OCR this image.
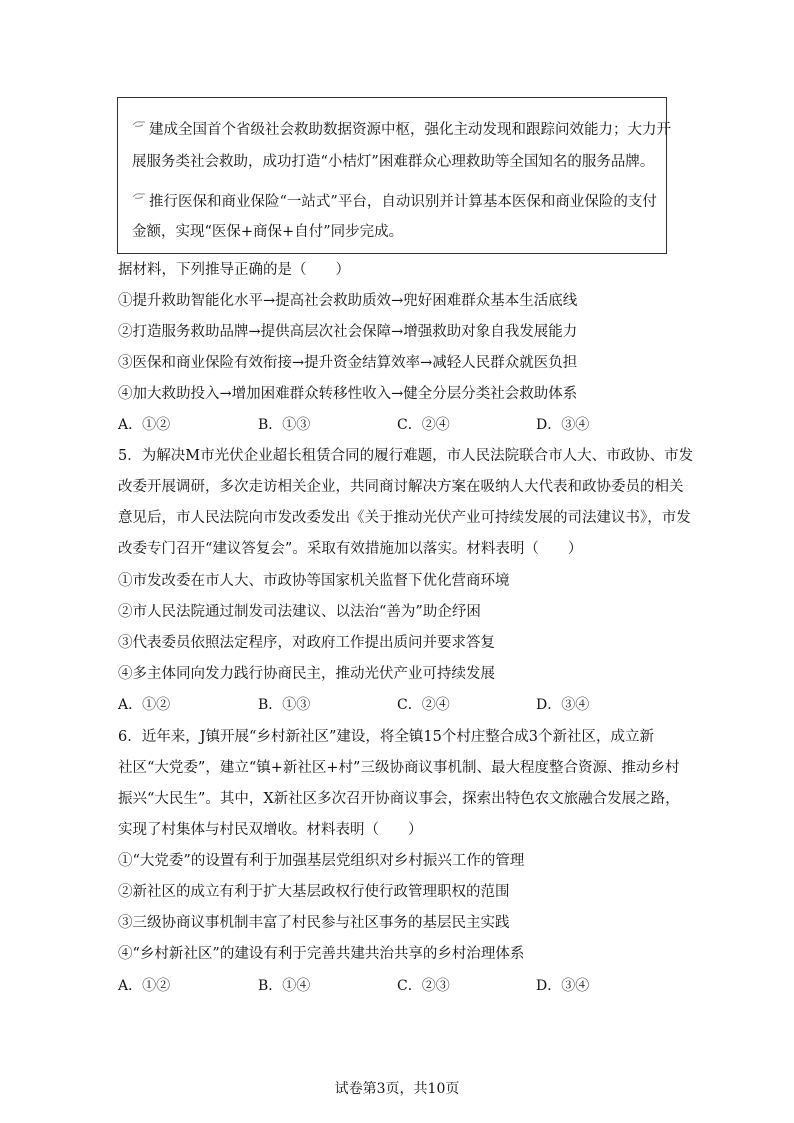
建成全国首个省级社会救助数据资源中枢，强化主动发现和跟踪问效能力；大力开
展服务类社会救助，成功打造“小桔灯”困难群众心理救助等全国知名的服务品牌。
推行医保和商业保险“一站式”平台，自动识别并计算基本医保和商业保险的支付
金额，实现“医保+商保+自付”同步完成。
据材料，下列推导正确的是（　　）
①提升救助智能化水平→提高社会救助质效→兜好困难群众基本生活底线
②打造服务救助品牌→提供高层次社会保障→增强救助对象自我发展能力
③医保和商业保险有效衔接→提升资金结算效率→减轻人民群众就医负担
④加大救助投入→增加困难群众转移性收入→健全分层分类社会救助体系
A．①②	B．①③	C．②④	D．③④
5．为解决M市光伏企业超长租赁合同的履行难题，市人民法院联合市人大、市政协、市发
改委开展调研，多次走访相关企业，共同商讨解决方案在吸纳人大代表和政协委员的相关
意见后，市人民法院向市发改委发出《关于推动光伏产业可持续发展的司法建议书》，市发
改委专门召开“建议答复会”。采取有效措施加以落实。材料表明（　　）
①市发改委在市人大、市政协等国家机关监督下优化营商环境
②市人民法院通过制发司法建议、以法治“善为”助企纾困
③代表委员依照法定程序，对政府工作提出质问并要求答复
④多主体同向发力践行协商民主，推动光伏产业可持续发展
A．①②	B．①③	C．②④	D．③④
6．近年来，J镇开展“乡村新社区”建设，将全镇15个村庄整合成3个新社区，成立新
社区“大党委”，建立“镇+新社区+村”三级协商议事机制、最大程度整合资源、推动乡村
振兴“大民生”。其中，X新社区多次召开协商议事会，探索出特色农文旅融合发展之路，
实现了村集体与村民双增收。材料表明（　　）
①“大党委”的设置有利于加强基层党组织对乡村振兴工作的管理
②新社区的成立有利于扩大基层政权行使行政管理职权的范围
③三级协商议事机制丰富了村民参与社区事务的基层民主实践
④“乡村新社区”的建设有利于完善共建共治共享的乡村治理体系
A．①②	B．①④	C．②③	D．③④
试卷第3页，共10页
